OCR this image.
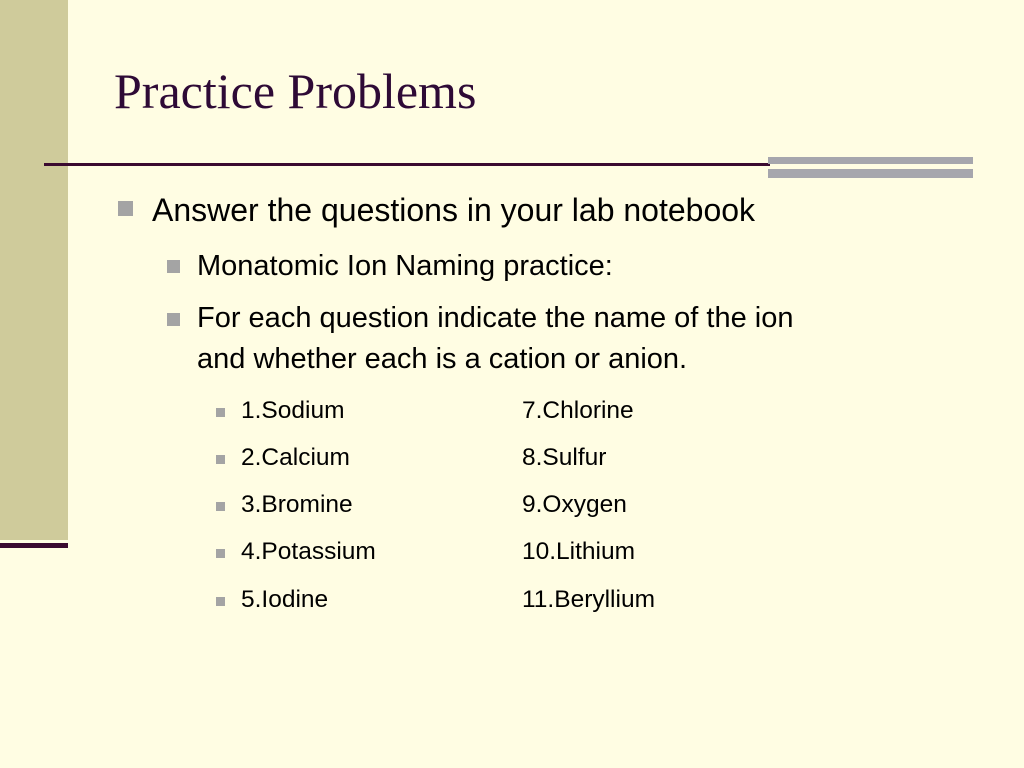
Practice Problems
Answer the questions in your lab notebook
Monatomic Ion Naming practice:
For each question indicate the name of the ion
and whether each is a cation or anion.
1.Sodium	7.Chlorine
2.Calcium	8.Sulfur
3.Bromine	9.Oxygen
4.Potassium	10.Lithium
5.Iodine	11.Beryllium
